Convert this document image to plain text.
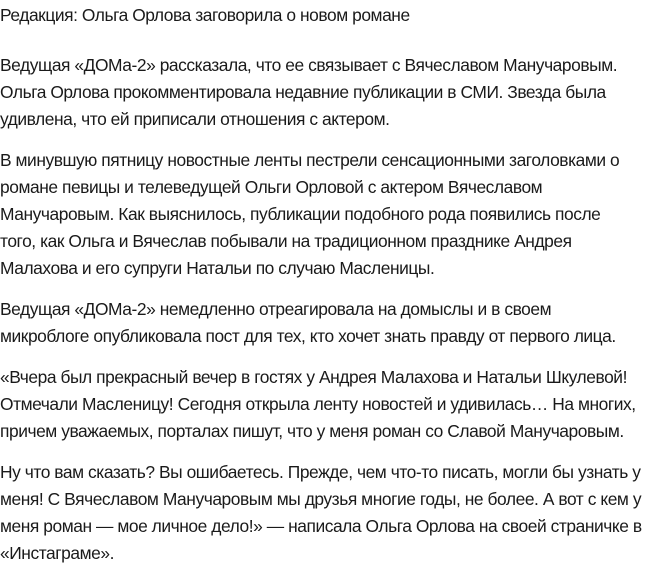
Редакция: Ольга Орлова заговорила о новом романе
Ведущая «ДОМа-2» рассказала, что ее связывает с Вячеславом Манучаровым.
Ольга Орлова прокомментировала недавние публикации в СМИ. Звезда была
удивлена, что ей приписали отношения с актером.
В минувшую пятницу новостные ленты пестрели сенсационными заголовками о
романе певицы и телеведущей Ольги Орловой с актером Вячеславом
Манучаровым. Как выяснилось, публикации подобного рода появились после
того, как Ольга и Вячеслав побывали на традиционном празднике Андрея
Малахова и его супруги Натальи по случаю Масленицы.
Ведущая «ДОМа-2» немедленно отреагировала на домыслы и в своем
микроблоге опубликовала пост для тех, кто хочет знать правду от первого лица.
«Вчера был прекрасный вечер в гостях у Андрея Малахова и Натальи Шкулевой!
Отмечали Масленицу! Сегодня открыла ленту новостей и удивилась… На многих,
причем уважаемых, порталах пишут, что у меня роман со Славой Манучаровым.
Ну что вам сказать? Вы ошибаетесь. Прежде, чем что-то писать, могли бы узнать у
меня! С Вячеславом Манучаровым мы друзья многие годы, не более. А вот с кем у
меня роман — мое личное дело!» — написала Ольга Орлова на своей страничке в
«Инстаграме».
